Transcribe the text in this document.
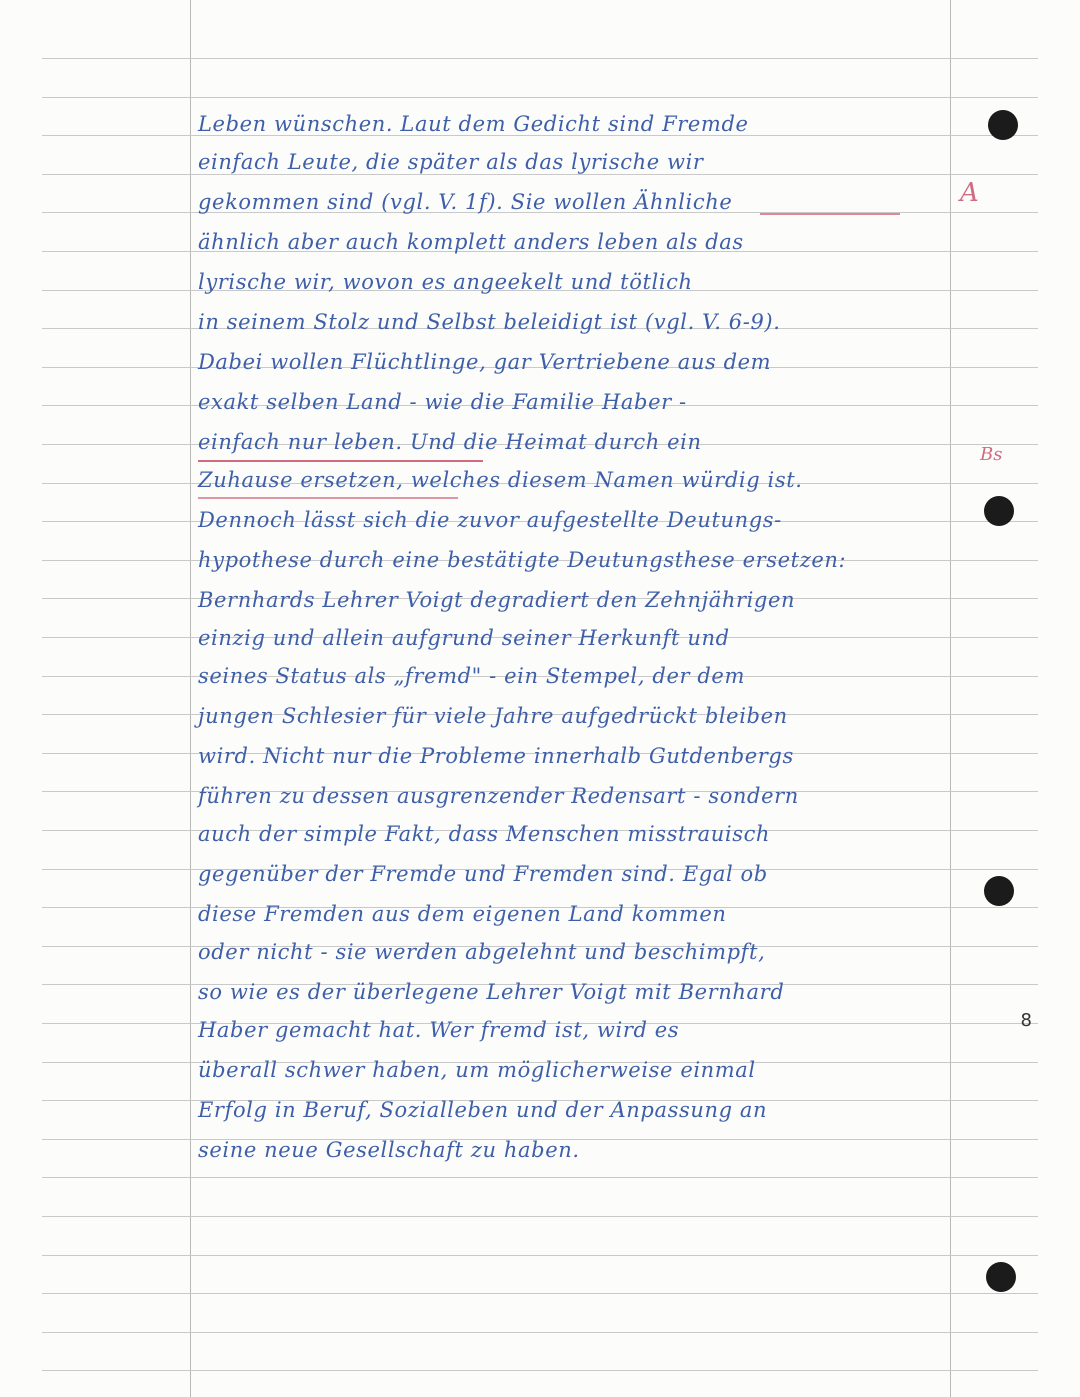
Leben wünschen. Laut dem Gedicht sind Fremde
einfach Leute, die später als das lyrische wir
gekommen sind (vgl. V. 1f). Sie wollen Ähnliche
ähnlich aber auch komplett anders leben als das
lyrische wir, wovon es angeekelt und tötlich
in seinem Stolz und Selbst beleidigt ist (vgl. V. 6-9).
Dabei wollen Flüchtlinge, gar Vertriebene aus dem
exakt selben Land - wie die Familie Haber -
einfach nur leben. Und die Heimat durch ein
Zuhause ersetzen, welches diesem Namen würdig ist.
Dennoch lässt sich die zuvor aufgestellte Deutungs-
hypothese durch eine bestätigte Deutungsthese ersetzen:
Bernhards Lehrer Voigt degradiert den Zehnjährigen
einzig und allein aufgrund seiner Herkunft und
seines Status als „fremd" - ein Stempel, der dem
jungen Schlesier für viele Jahre aufgedrückt bleiben
wird. Nicht nur die Probleme innerhalb Gutdenbergs
führen zu dessen ausgrenzender Redensart - sondern
auch der simple Fakt, dass Menschen misstrauisch
gegenüber der Fremde und Fremden sind. Egal ob
diese Fremden aus dem eigenen Land kommen
oder nicht - sie werden abgelehnt und beschimpft,
so wie es der überlegene Lehrer Voigt mit Bernhard
Haber gemacht hat. Wer fremd ist, wird es
überall schwer haben, um möglicherweise einmal
Erfolg in Beruf, Sozialleben und der Anpassung an
seine neue Gesellschaft zu haben.
A
Bs
8
